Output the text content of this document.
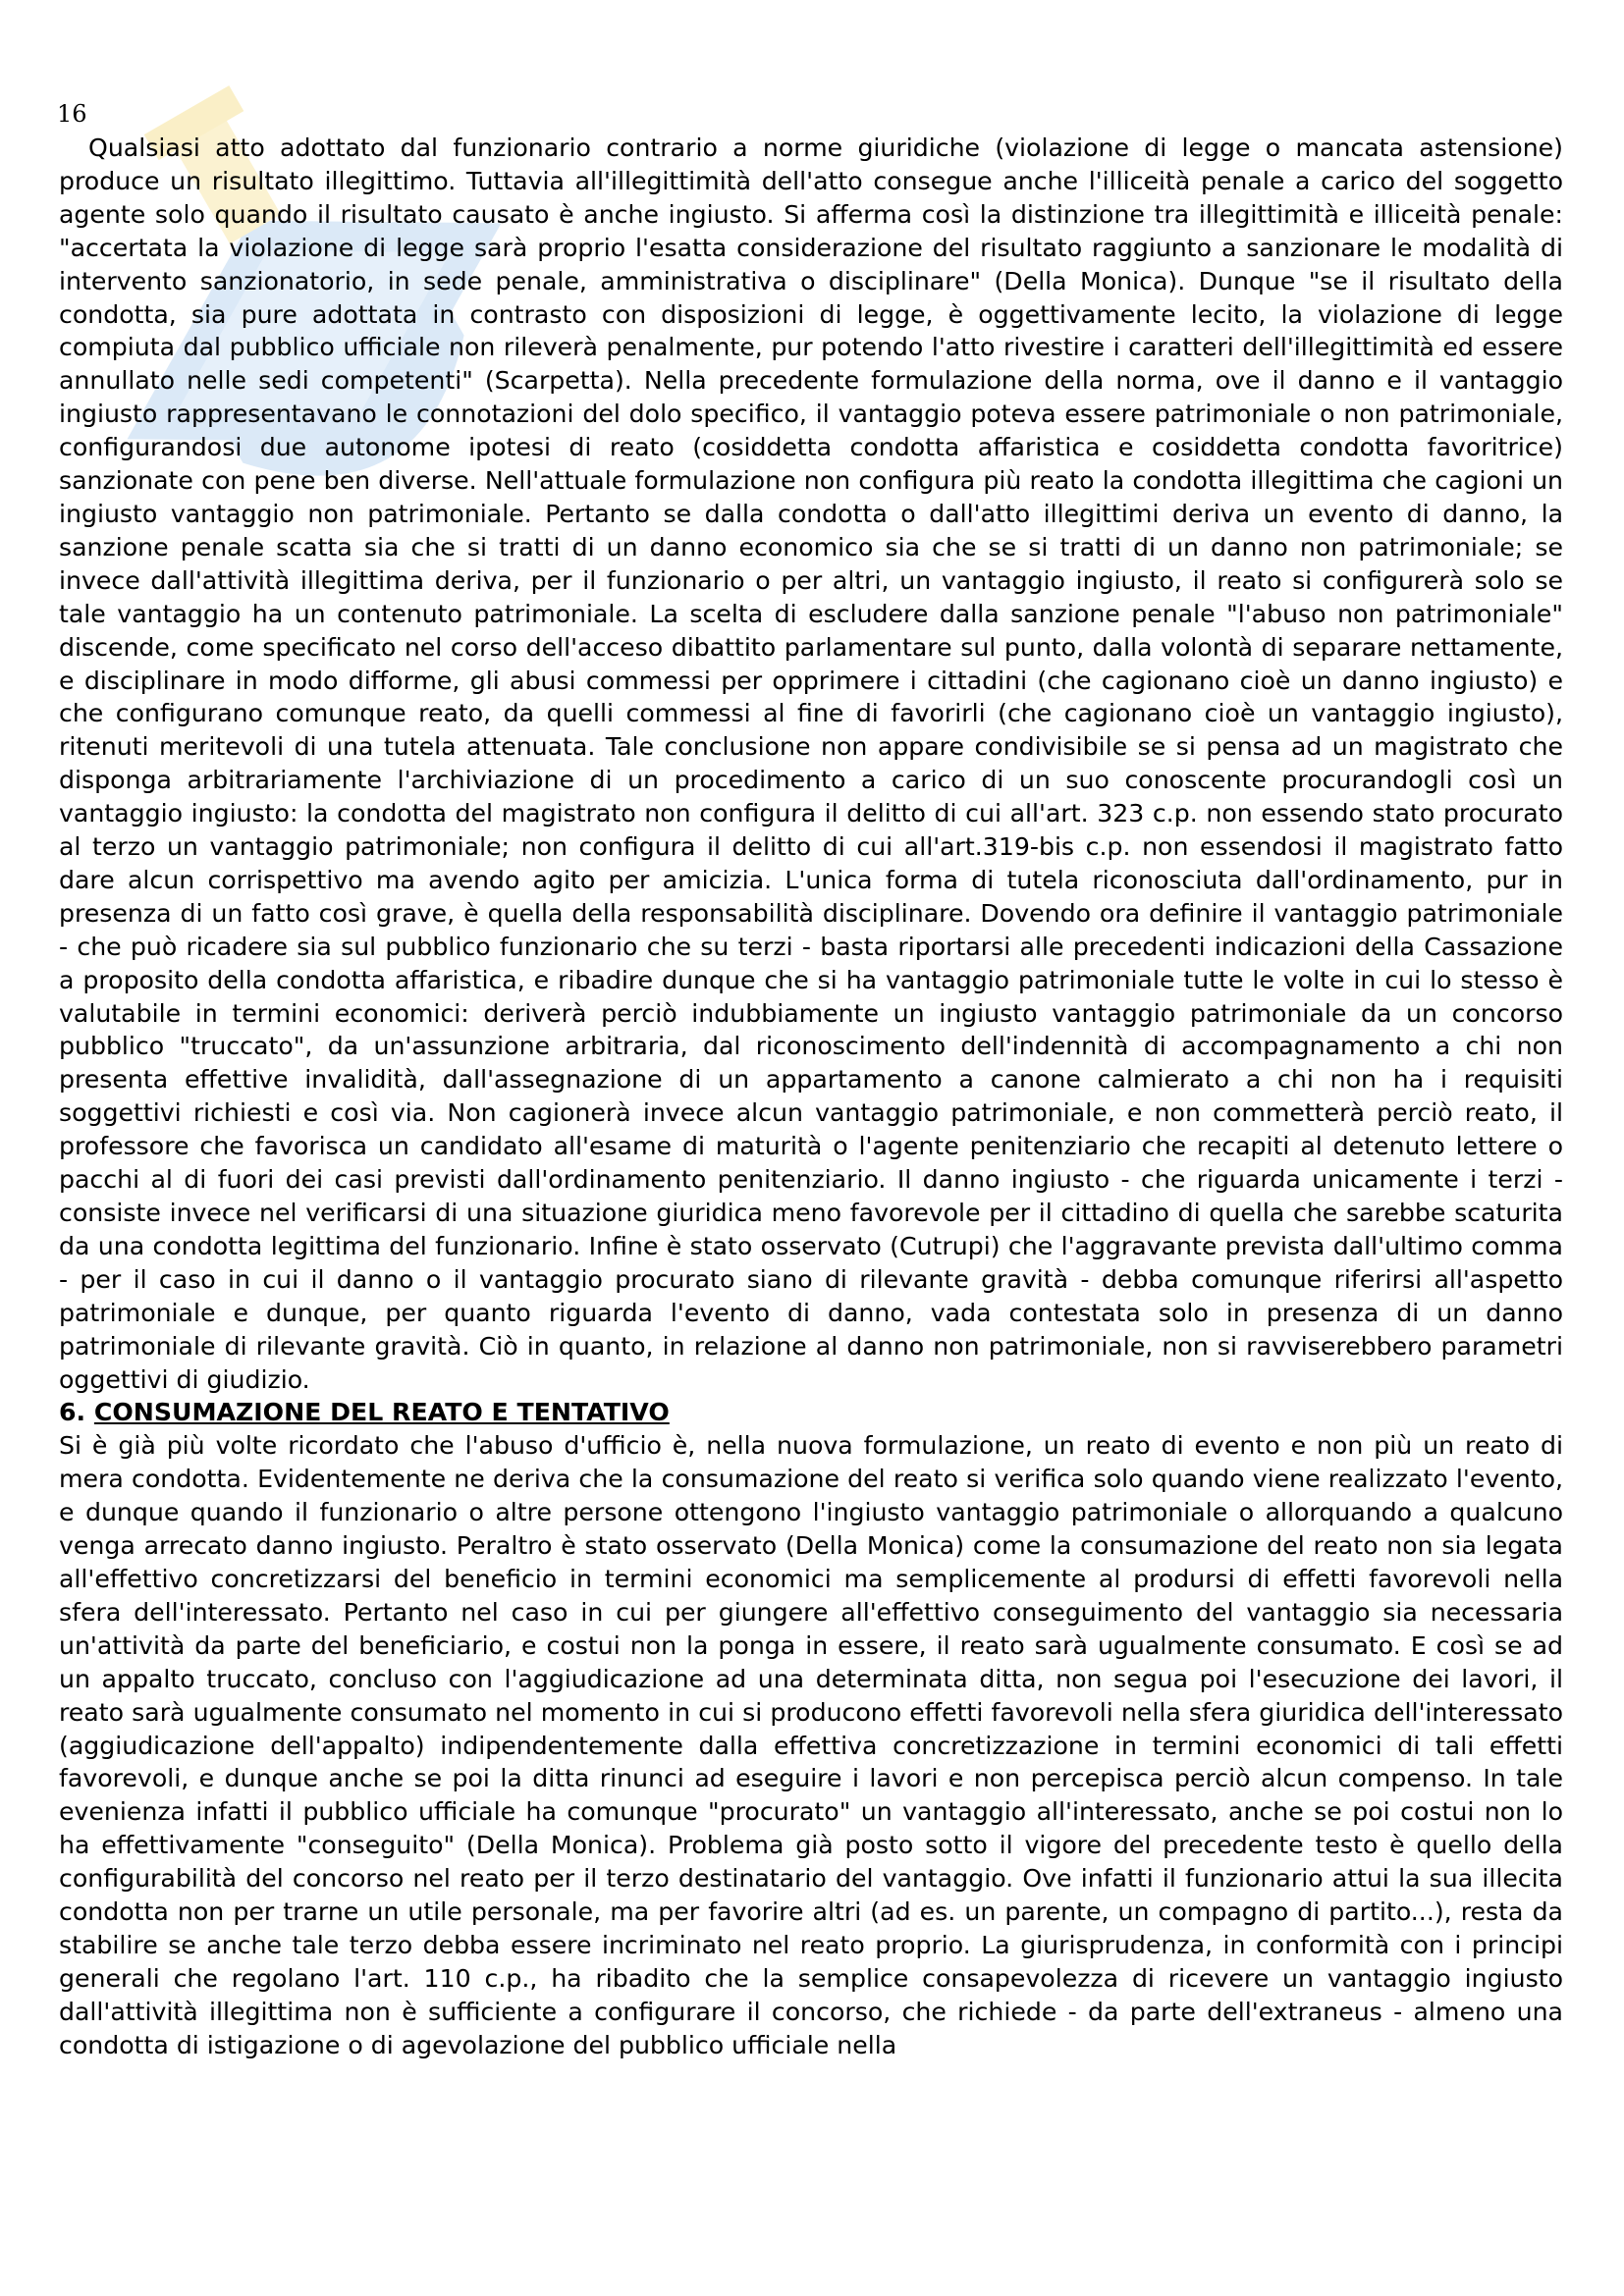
16

Qualsiasi atto adottato dal funzionario contrario a norme giuridiche (violazione di legge o mancata astensione) produce un risultato illegittimo. Tuttavia all'illegittimità dell'atto consegue anche l'illiceità penale a carico del soggetto agente solo quando il risultato causato è anche ingiusto. Si afferma così la distinzione tra illegittimità e illiceità penale: "accertata la violazione di legge sarà proprio l'esatta considerazione del risultato raggiunto a sanzionare le modalità di intervento sanzionatorio, in sede penale, amministrativa o disciplinare" (Della Monica). Dunque "se il risultato della condotta, sia pure adottata in contrasto con disposizioni di legge, è oggettivamente lecito, la violazione di legge compiuta dal pubblico ufficiale non rileverà penalmente, pur potendo l'atto rivestire i caratteri dell'illegittimità ed essere annullato nelle sedi competenti" (Scarpetta). Nella precedente formulazione della norma, ove il danno e il vantaggio ingiusto rappresentavano le connotazioni del dolo specifico, il vantaggio poteva essere patrimoniale o non patrimoniale, configurandosi due autonome ipotesi di reato (cosiddetta condotta affaristica e cosiddetta condotta favoritrice) sanzionate con pene ben diverse. Nell'attuale formulazione non configura più reato la condotta illegittima che cagioni un ingiusto vantaggio non patrimoniale. Pertanto se dalla condotta o dall'atto illegittimi deriva un evento di danno, la sanzione penale scatta sia che si tratti di un danno economico sia che se si tratti di un danno non patrimoniale; se invece dall'attività illegittima deriva, per il funzionario o per altri, un vantaggio ingiusto, il reato si configurerà solo se tale vantaggio ha un contenuto patrimoniale. La scelta di escludere dalla sanzione penale "l'abuso non patrimoniale" discende, come specificato nel corso dell'acceso dibattito parlamentare sul punto, dalla volontà di separare nettamente, e disciplinare in modo difforme, gli abusi commessi per opprimere i cittadini (che cagionano cioè un danno ingiusto) e che configurano comunque reato, da quelli commessi al fine di favorirli (che cagionano cioè un vantaggio ingiusto), ritenuti meritevoli di una tutela attenuata. Tale conclusione non appare condivisibile se si pensa ad un magistrato che disponga arbitrariamente l'archiviazione di un procedimento a carico di un suo conoscente procurandogli così un vantaggio ingiusto: la condotta del magistrato non configura il delitto di cui all'art. 323 c.p. non essendo stato procurato al terzo un vantaggio patrimoniale; non configura il delitto di cui all'art.319-bis c.p. non essendosi il magistrato fatto dare alcun corrispettivo ma avendo agito per amicizia. L'unica forma di tutela riconosciuta dall'ordinamento, pur in presenza di un fatto così grave, è quella della responsabilità disciplinare. Dovendo ora definire il vantaggio patrimoniale - che può ricadere sia sul pubblico funzionario che su terzi - basta riportarsi alle precedenti indicazioni della Cassazione a proposito della condotta affaristica, e ribadire dunque che si ha vantaggio patrimoniale tutte le volte in cui lo stesso è valutabile in termini economici: deriverà perciò indubbiamente un ingiusto vantaggio patrimoniale da un concorso pubblico "truccato", da un'assunzione arbitraria, dal riconoscimento dell'indennità di accompagnamento a chi non presenta effettive invalidità, dall'assegnazione di un appartamento a canone calmierato a chi non ha i requisiti soggettivi richiesti e così via. Non cagionerà invece alcun vantaggio patrimoniale, e non commetterà perciò reato, il professore che favorisca un candidato all'esame di maturità o l'agente penitenziario che recapiti al detenuto lettere o pacchi al di fuori dei casi previsti dall'ordinamento penitenziario. Il danno ingiusto - che riguarda unicamente i terzi - consiste invece nel verificarsi di una situazione giuridica meno favorevole per il cittadino di quella che sarebbe scaturita da una condotta legittima del funzionario. Infine è stato osservato (Cutrupi) che l'aggravante prevista dall'ultimo comma - per il caso in cui il danno o il vantaggio procurato siano di rilevante gravità - debba comunque riferirsi all'aspetto patrimoniale e dunque, per quanto riguarda l'evento di danno, vada contestata solo in presenza di un danno patrimoniale di rilevante gravità. Ciò in quanto, in relazione al danno non patrimoniale, non si ravviserebbero parametri oggettivi di giudizio.

6. CONSUMAZIONE DEL REATO E TENTATIVO

Si è già più volte ricordato che l'abuso d'ufficio è, nella nuova formulazione, un reato di evento e non più un reato di mera condotta. Evidentemente ne deriva che la consumazione del reato si verifica solo quando viene realizzato l'evento, e dunque quando il funzionario o altre persone ottengono l'ingiusto vantaggio patrimoniale o allorquando a qualcuno venga arrecato danno ingiusto. Peraltro è stato osservato (Della Monica) come la consumazione del reato non sia legata all'effettivo concretizzarsi del beneficio in termini economici ma semplicemente al prodursi di effetti favorevoli nella sfera dell'interessato. Pertanto nel caso in cui per giungere all'effettivo conseguimento del vantaggio sia necessaria un'attività da parte del beneficiario, e costui non la ponga in essere, il reato sarà ugualmente consumato. E così se ad un appalto truccato, concluso con l'aggiudicazione ad una determinata ditta, non segua poi l'esecuzione dei lavori, il reato sarà ugualmente consumato nel momento in cui si producono effetti favorevoli nella sfera giuridica dell'interessato (aggiudicazione dell'appalto) indipendentemente dalla effettiva concretizzazione in termini economici di tali effetti favorevoli, e dunque anche se poi la ditta rinunci ad eseguire i lavori e non percepisca perciò alcun compenso. In tale evenienza infatti il pubblico ufficiale ha comunque "procurato" un vantaggio all'interessato, anche se poi costui non lo ha effettivamente "conseguito" (Della Monica). Problema già posto sotto il vigore del precedente testo è quello della configurabilità del concorso nel reato per il terzo destinatario del vantaggio. Ove infatti il funzionario attui la sua illecita condotta non per trarne un utile personale, ma per favorire altri (ad es. un parente, un compagno di partito...), resta da stabilire se anche tale terzo debba essere incriminato nel reato proprio. La giurisprudenza, in conformità con i principi generali che regolano l'art. 110 c.p., ha ribadito che la semplice consapevolezza di ricevere un vantaggio ingiusto dall'attività illegittima non è sufficiente a configurare il concorso, che richiede - da parte dell'extraneus - almeno una condotta di istigazione o di agevolazione del pubblico ufficiale nella
